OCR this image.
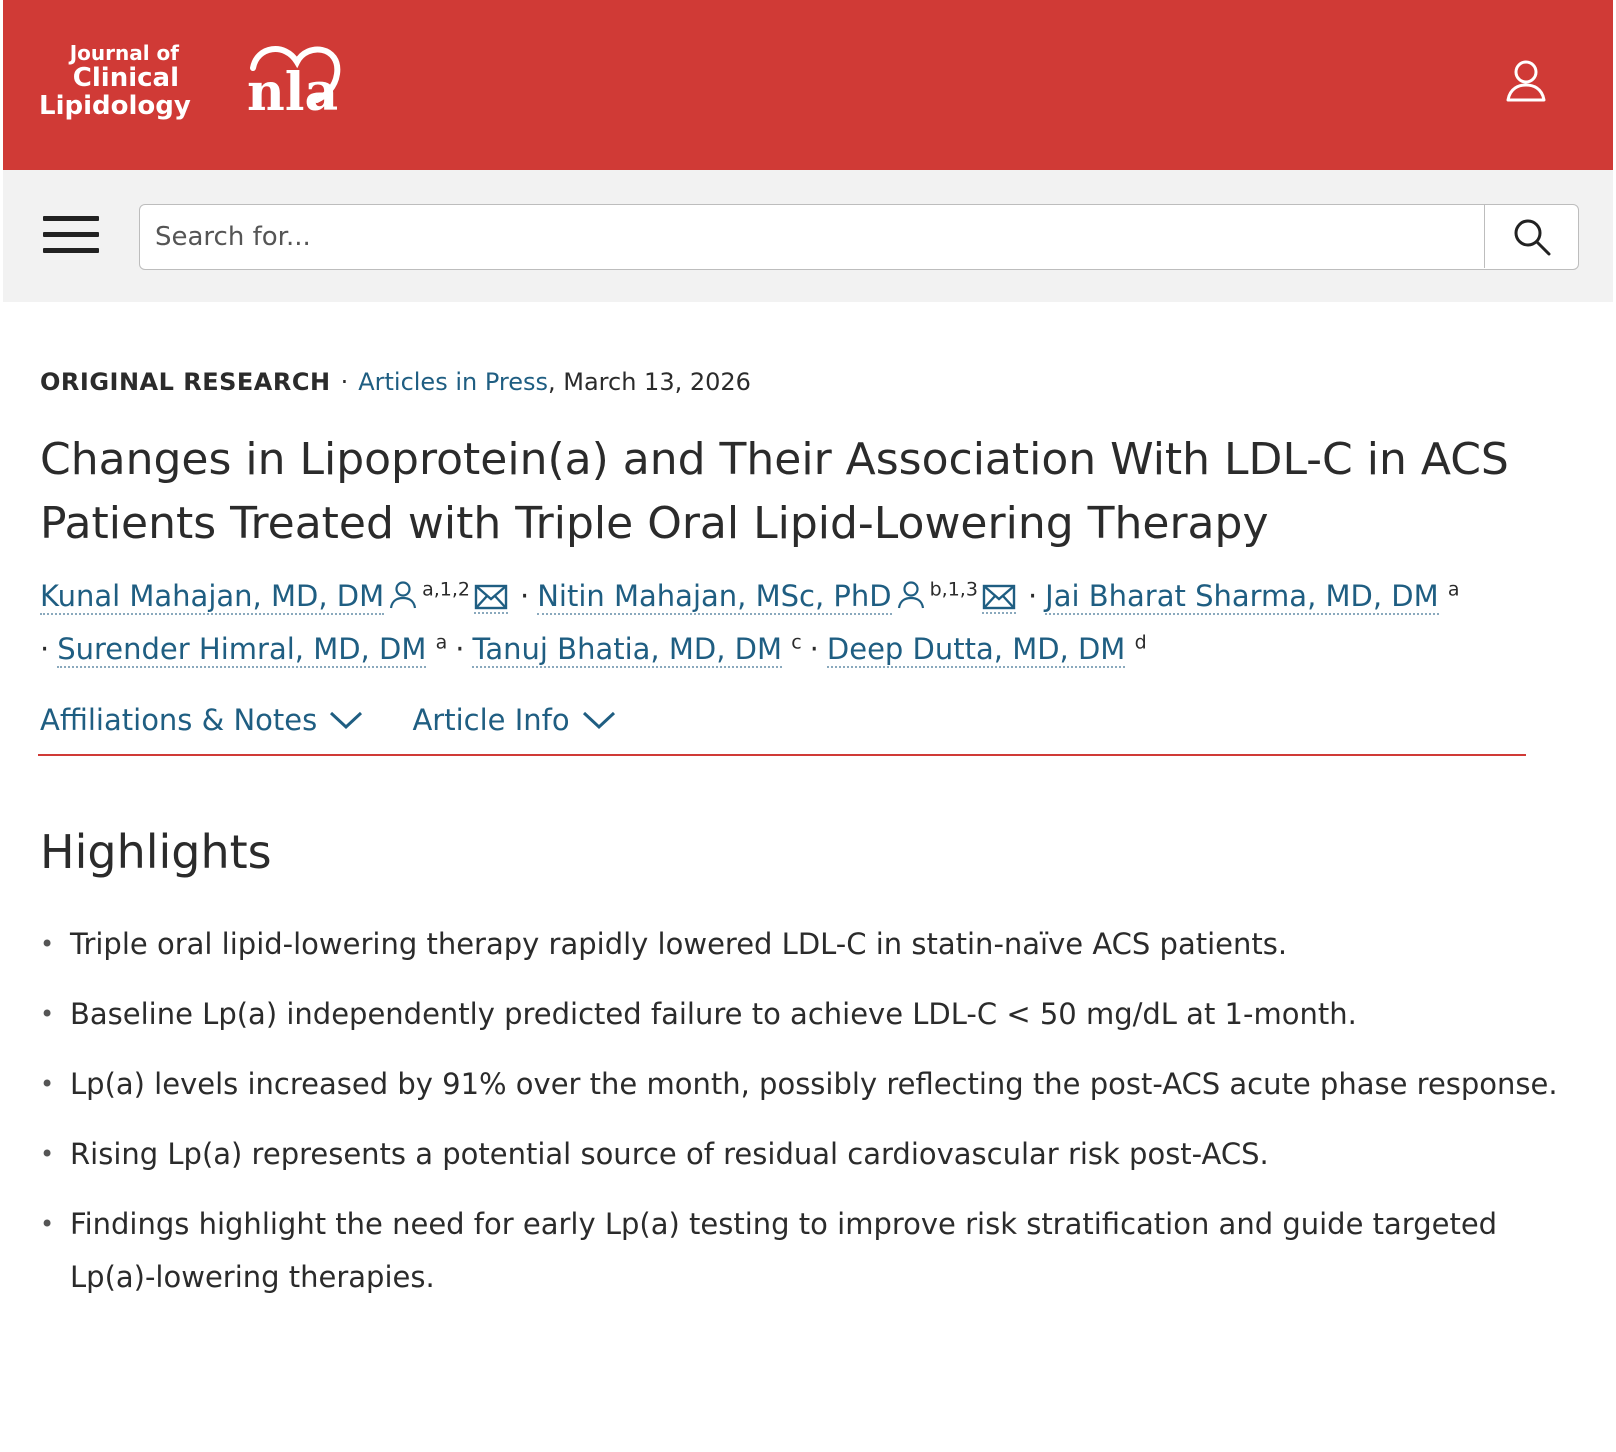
Journal of
Clinical
Lipidology nla
Search for...
ORIGINAL RESEARCH · Articles in Press, March 13, 2026
Changes in Lipoprotein(a) and Their Association With LDL-C in ACS Patients Treated with Triple Oral Lipid-Lowering Therapy
Kunal Mahajan, MD, DM $^{a,1,2}$ · Nitin Mahajan, MSc, PhD $^{b,1,3}$ · Jai Bharat Sharma, MD, DM $^a$
· Surender Himral, MD, DM $^a$ · Tanuj Bhatia, MD, DM $^c$ · Deep Dutta, MD, DM $^d$
Affiliations & Notes
	Article Info
Highlights
• Triple oral lipid-lowering therapy rapidly lowered LDL-C in statin-naïve ACS patients.
• Baseline Lp(a) independently predicted failure to achieve LDL-C < 50 mg/dL at 1-month.
• Lp(a) levels increased by 91% over the month, possibly reflecting the post-ACS acute phase response.
• Rising Lp(a) represents a potential source of residual cardiovascular risk post-ACS.
• Findings highlight the need for early Lp(a) testing to improve risk stratification and guide targeted Lp(a)-lowering therapies.
